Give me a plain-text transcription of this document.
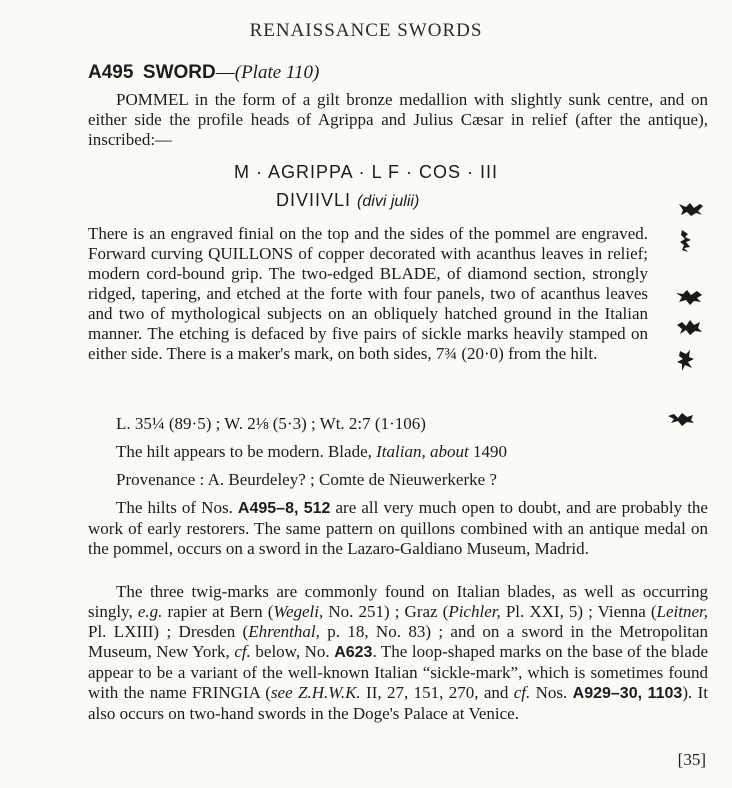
RENAISSANCE SWORDS
A495 SWORD—(Plate 110)
POMMEL in the form of a gilt bronze medallion with slightly sunk centre, and on either side the profile heads of Agrippa and Julius Cæsar in relief (after the antique), inscribed:—
M · AGRIPPA · L F · COS · III
DIVIIVLI (divi julii)
There is an engraved finial on the top and the sides of the pommel are engraved. Forward curving QUILLONS of copper decorated with acanthus leaves in relief; modern cord-bound grip. The two-edged BLADE, of diamond section, strongly ridged, tapering, and etched at the forte with four panels, two of acanthus leaves and two of mythological subjects on an obliquely hatched ground in the Italian manner. The etching is defaced by five pairs of sickle marks heavily stamped on either side. There is a maker's mark, on both sides, 7¾ (20·0) from the hilt.
L. 35¼ (89·5) ; W. 2⅛ (5·3) ; Wt. 2:7 (1·106)
The hilt appears to be modern. Blade, Italian, about 1490
Provenance : A. Beurdeley? ; Comte de Nieuwerkerke ?
The hilts of Nos. A495–8, 512 are all very much open to doubt, and are probably the work of early restorers. The same pattern on quillons combined with an antique medal on the pommel, occurs on a sword in the Lazaro-Galdiano Museum, Madrid.
The three twig-marks are commonly found on Italian blades, as well as occurring singly, e.g. rapier at Bern (Wegeli, No. 251) ; Graz (Pichler, Pl. XXI, 5) ; Vienna (Leitner, Pl. LXIII) ; Dresden (Ehrenthal, p. 18, No. 83) ; and on a sword in the Metropolitan Museum, New York, cf. below, No. A623. The loop-shaped marks on the base of the blade appear to be a variant of the well-known Italian “sickle-mark”, which is sometimes found with the name FRINGIA (see Z.H.W.K. II, 27, 151, 270, and cf. Nos. A929–30, 1103). It also occurs on two-hand swords in the Doge's Palace at Venice.
[35]
